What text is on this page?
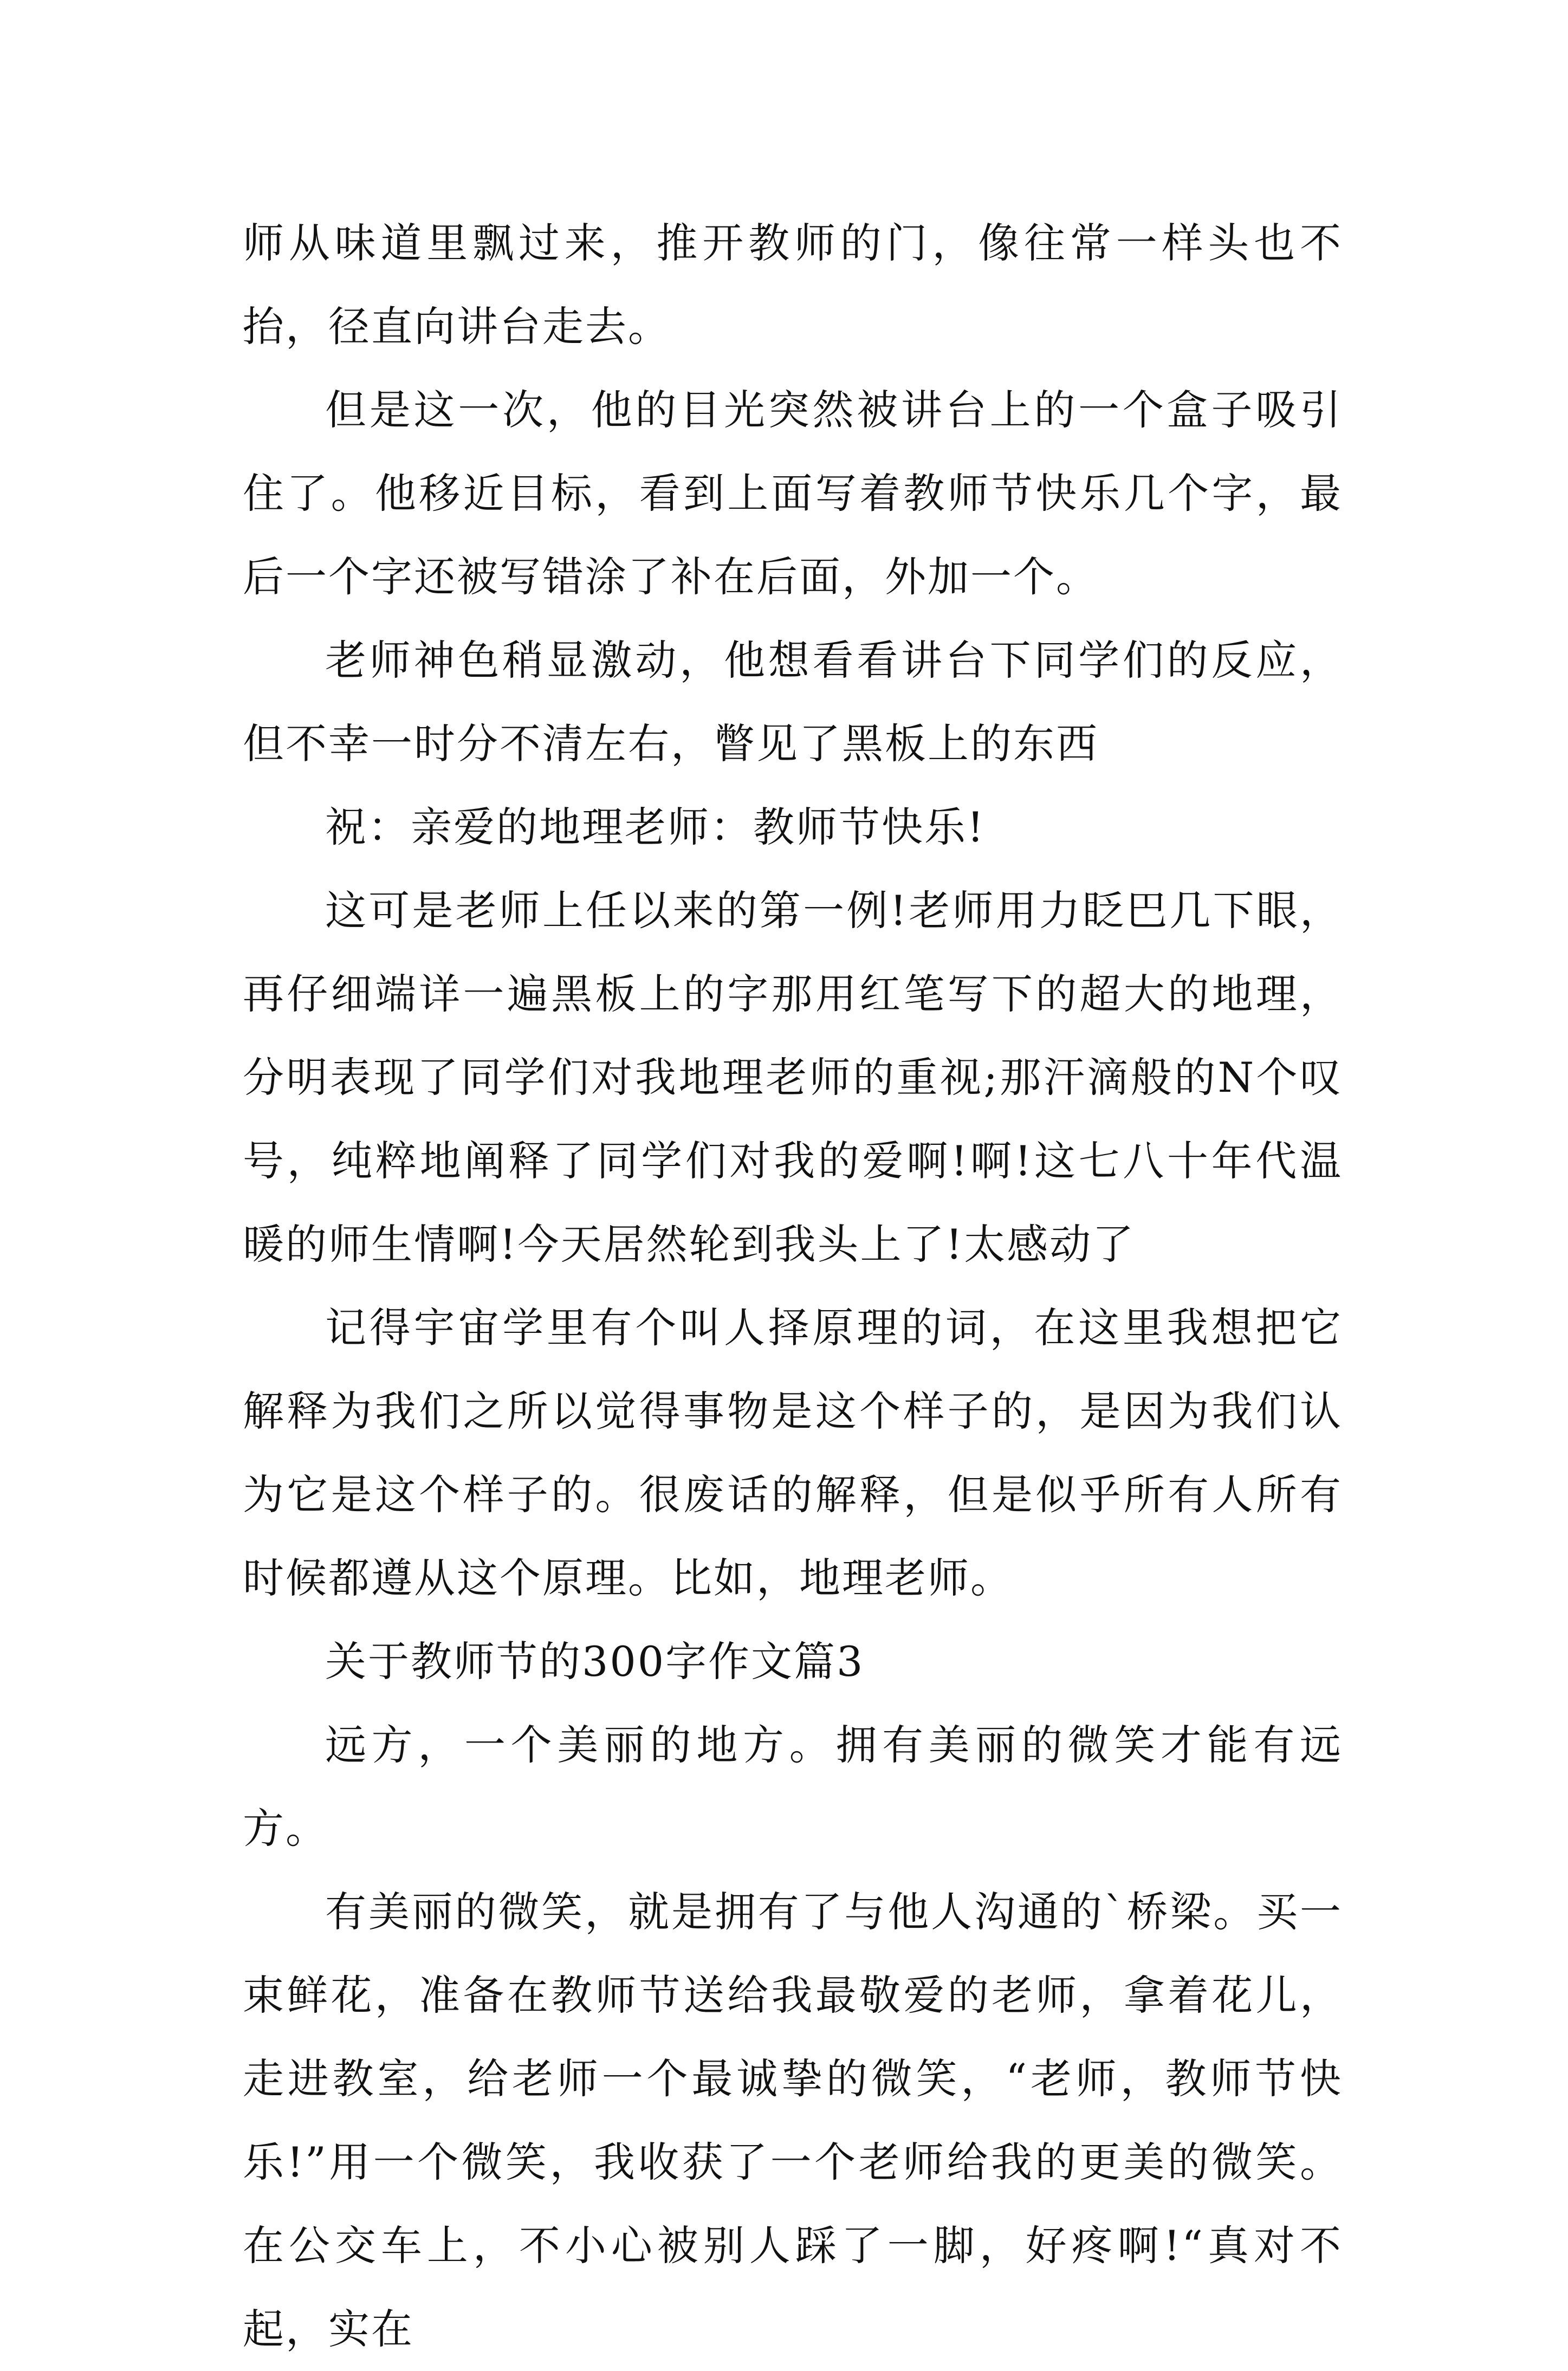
师从味道里飘过来，推开教师的门，像往常一样头也不抬，径直向讲台走去。

但是这一次，他的目光突然被讲台上的一个盒子吸引住了。他移近目标，看到上面写着教师节快乐几个字，最后一个字还被写错涂了补在后面，外加一个。

老师神色稍显激动，他想看看讲台下同学们的反应，但不幸一时分不清左右，瞥见了黑板上的东西

祝：亲爱的地理老师：教师节快乐!

这可是老师上任以来的第一例!老师用力眨巴几下眼，再仔细端详一遍黑板上的字那用红笔写下的超大的地理，分明表现了同学们对我地理老师的重视;那汗滴般的N个叹号，纯粹地阐释了同学们对我的爱啊!啊!这七八十年代温暖的师生情啊!今天居然轮到我头上了!太感动了

记得宇宙学里有个叫人择原理的词，在这里我想把它解释为我们之所以觉得事物是这个样子的，是因为我们认为它是这个样子的。很废话的解释，但是似乎所有人所有时候都遵从这个原理。比如，地理老师。

关于教师节的300字作文篇3

远方，一个美丽的地方。拥有美丽的微笑才能有远方。

有美丽的微笑，就是拥有了与他人沟通的`桥梁。买一束鲜花，准备在教师节送给我最敬爱的老师，拿着花儿，走进教室，给老师一个最诚挚的微笑，“老师，教师节快乐!”用一个微笑，我收获了一个老师给我的更美的微笑。在公交车上，不小心被别人踩了一脚，好疼啊!“真对不起，实在
